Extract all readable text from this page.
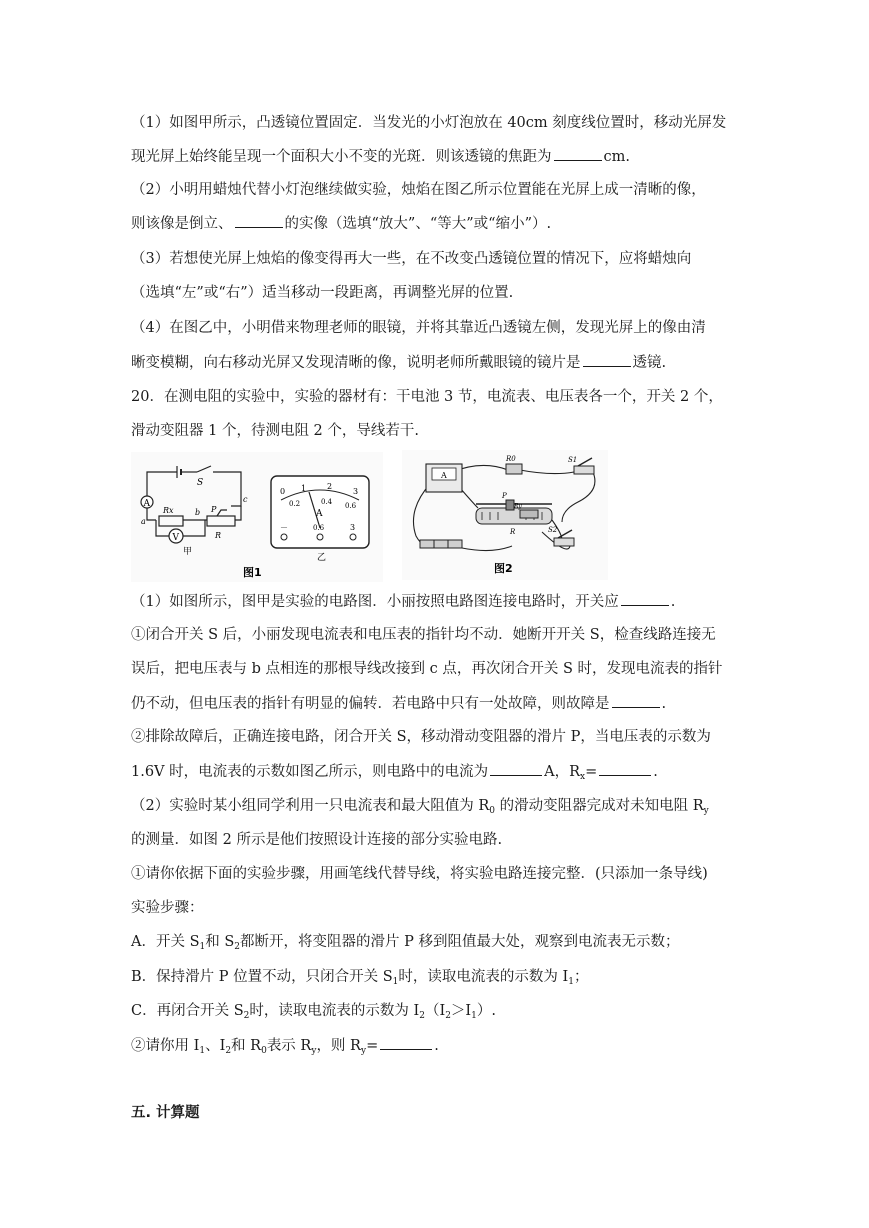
（1）如图甲所示，凸透镜位置固定．当发光的小灯泡放在 40cm 刻度线位置时，移动光屏发
现光屏上始终能呈现一个面积大小不变的光斑．则该透镜的焦距为	cm.
（2）小明用蜡烛代替小灯泡继续做实验，烛焰在图乙所示位置能在光屏上成一清晰的像，
则该像是倒立、	的实像（选填“放大”、“等大”或“缩小”）.
（3）若想使光屏上烛焰的像变得再大一些，在不改变凸透镜位置的情况下，应将蜡烛向
（选填“左”或“右”）适当移动一段距离，再调整光屏的位置.
（4）在图乙中，小明借来物理老师的眼镜，并将其靠近凸透镜左侧，发现光屏上的像由清
晰变模糊，向右移动光屏又发现清晰的像，说明老师所戴眼镜的镜片是	透镜.
20．在测电阻的实验中，实验的器材有：干电池 3 节，电流表、电压表各一个，开关 2 个，
滑动变阻器 1 个，待测电阻 2 个，导线若干.
A
V
S
Rx
R
P
a
b
c
甲
0 1	2
3
0.2	0.4 0.6
A
－	0.6	3
乙
图1
A
R0	S1
P
R
Ry
S2
图2
（1）如图所示，图甲是实验的电路图．小丽按照电路图连接电路时，开关应	.
①闭合开关 S 后，小丽发现电流表和电压表的指针均不动．她断开开关 S，检查线路连接无
误后，把电压表与 b 点相连的那根导线改接到 c 点，再次闭合开关 S 时，发现电流表的指针
仍不动，但电压表的指针有明显的偏转．若电路中只有一处故障，则故障是	.
②排除故障后，正确连接电路，闭合开关 S，移动滑动变阻器的滑片 P，当电压表的示数为
1.6V 时，电流表的示数如图乙所示，则电路中的电流为	A，$R_x=$	.
（2）实验时某小组同学利用一只电流表和最大阻值为 $R_0$ 的滑动变阻器完成对未知电阻 $R_y$
的测量．如图 2 所示是他们按照设计连接的部分实验电路.
①请你依据下面的实验步骤，用画笔线代替导线，将实验电路连接完整．(只添加一条导线)
实验步骤：
A．开关 $S_1$和 $S_2$都断开，将变阻器的滑片 P 移到阻值最大处，观察到电流表无示数；
B．保持滑片 P 位置不动，只闭合开关 $S_1$时，读取电流表的示数为 $I_1$；
C．再闭合开关 $S_2$时，读取电流表的示数为 $I_2(I_2>I_1)$.
②请你用 $I_1$、$I_2$和 $R_0$表示 $R_y$，则 $R_y=$	.
五. 计算题
